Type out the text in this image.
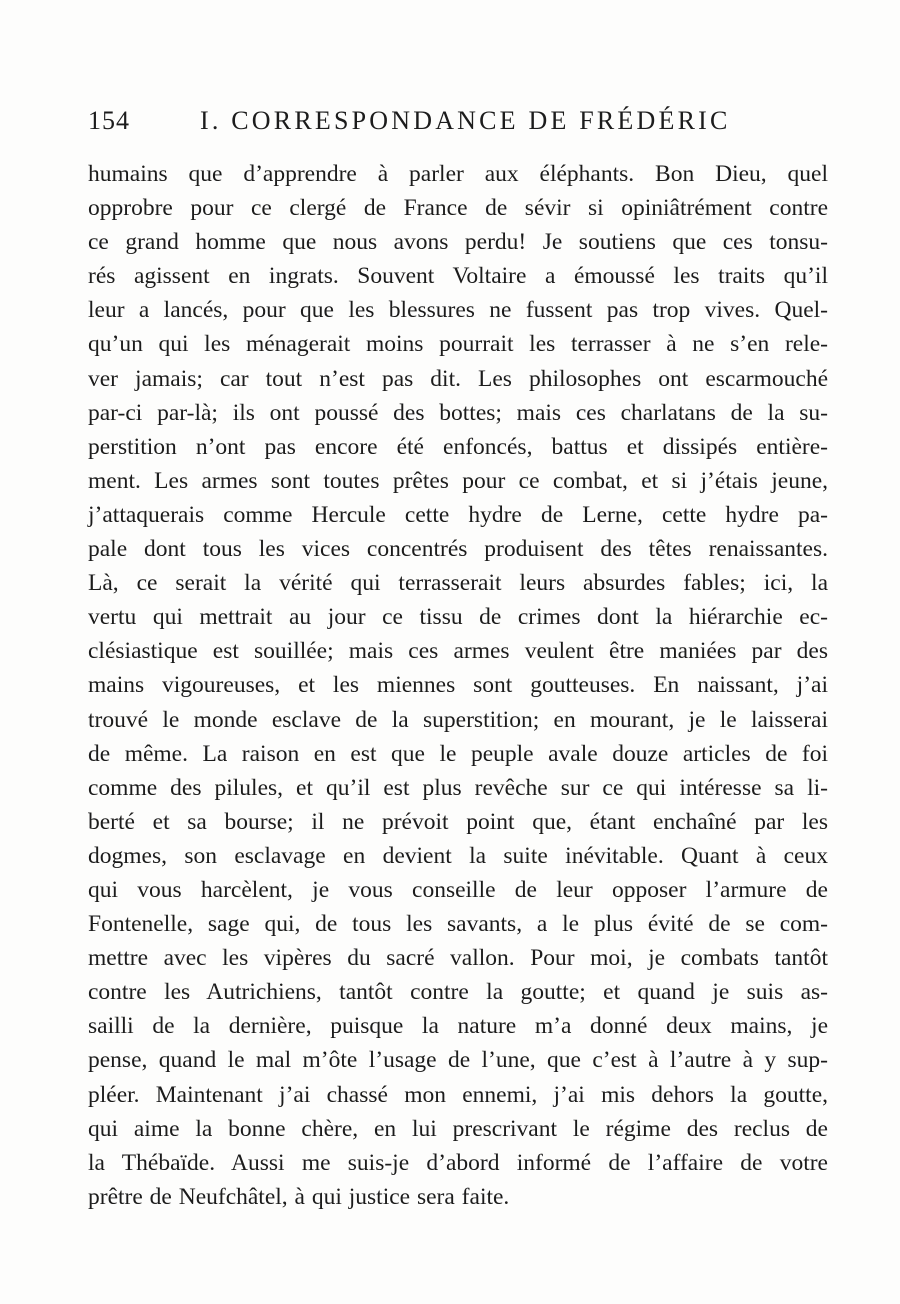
154	I. CORRESPONDANCE DE FRÉDÉRIC
humains que d’apprendre à parler aux éléphants. Bon Dieu, quel
opprobre pour ce clergé de France de sévir si opiniâtrément contre
ce grand homme que nous avons perdu! Je soutiens que ces tonsu-
rés agissent en ingrats. Souvent Voltaire a émoussé les traits qu’il
leur a lancés, pour que les blessures ne fussent pas trop vives. Quel-
qu’un qui les ménagerait moins pourrait les terrasser à ne s’en rele-
ver jamais; car tout n’est pas dit. Les philosophes ont escarmouché
par-ci par-là; ils ont poussé des bottes; mais ces charlatans de la su-
perstition n’ont pas encore été enfoncés, battus et dissipés entière-
ment. Les armes sont toutes prêtes pour ce combat, et si j’étais jeune,
j’attaquerais comme Hercule cette hydre de Lerne, cette hydre pa-
pale dont tous les vices concentrés produisent des têtes renaissantes.
Là, ce serait la vérité qui terrasserait leurs absurdes fables; ici, la
vertu qui mettrait au jour ce tissu de crimes dont la hiérarchie ec-
clésiastique est souillée; mais ces armes veulent être maniées par des
mains vigoureuses, et les miennes sont goutteuses. En naissant, j’ai
trouvé le monde esclave de la superstition; en mourant, je le laisserai
de même. La raison en est que le peuple avale douze articles de foi
comme des pilules, et qu’il est plus revêche sur ce qui intéresse sa li-
berté et sa bourse; il ne prévoit point que, étant enchaîné par les
dogmes, son esclavage en devient la suite inévitable. Quant à ceux
qui vous harcèlent, je vous conseille de leur opposer l’armure de
Fontenelle, sage qui, de tous les savants, a le plus évité de se com-
mettre avec les vipères du sacré vallon. Pour moi, je combats tantôt
contre les Autrichiens, tantôt contre la goutte; et quand je suis as-
sailli de la dernière, puisque la nature m’a donné deux mains, je
pense, quand le mal m’ôte l’usage de l’une, que c’est à l’autre à y sup-
pléer. Maintenant j’ai chassé mon ennemi, j’ai mis dehors la goutte,
qui aime la bonne chère, en lui prescrivant le régime des reclus de
la Thébaïde. Aussi me suis-je d’abord informé de l’affaire de votre
prêtre de Neufchâtel, à qui justice sera faite.
